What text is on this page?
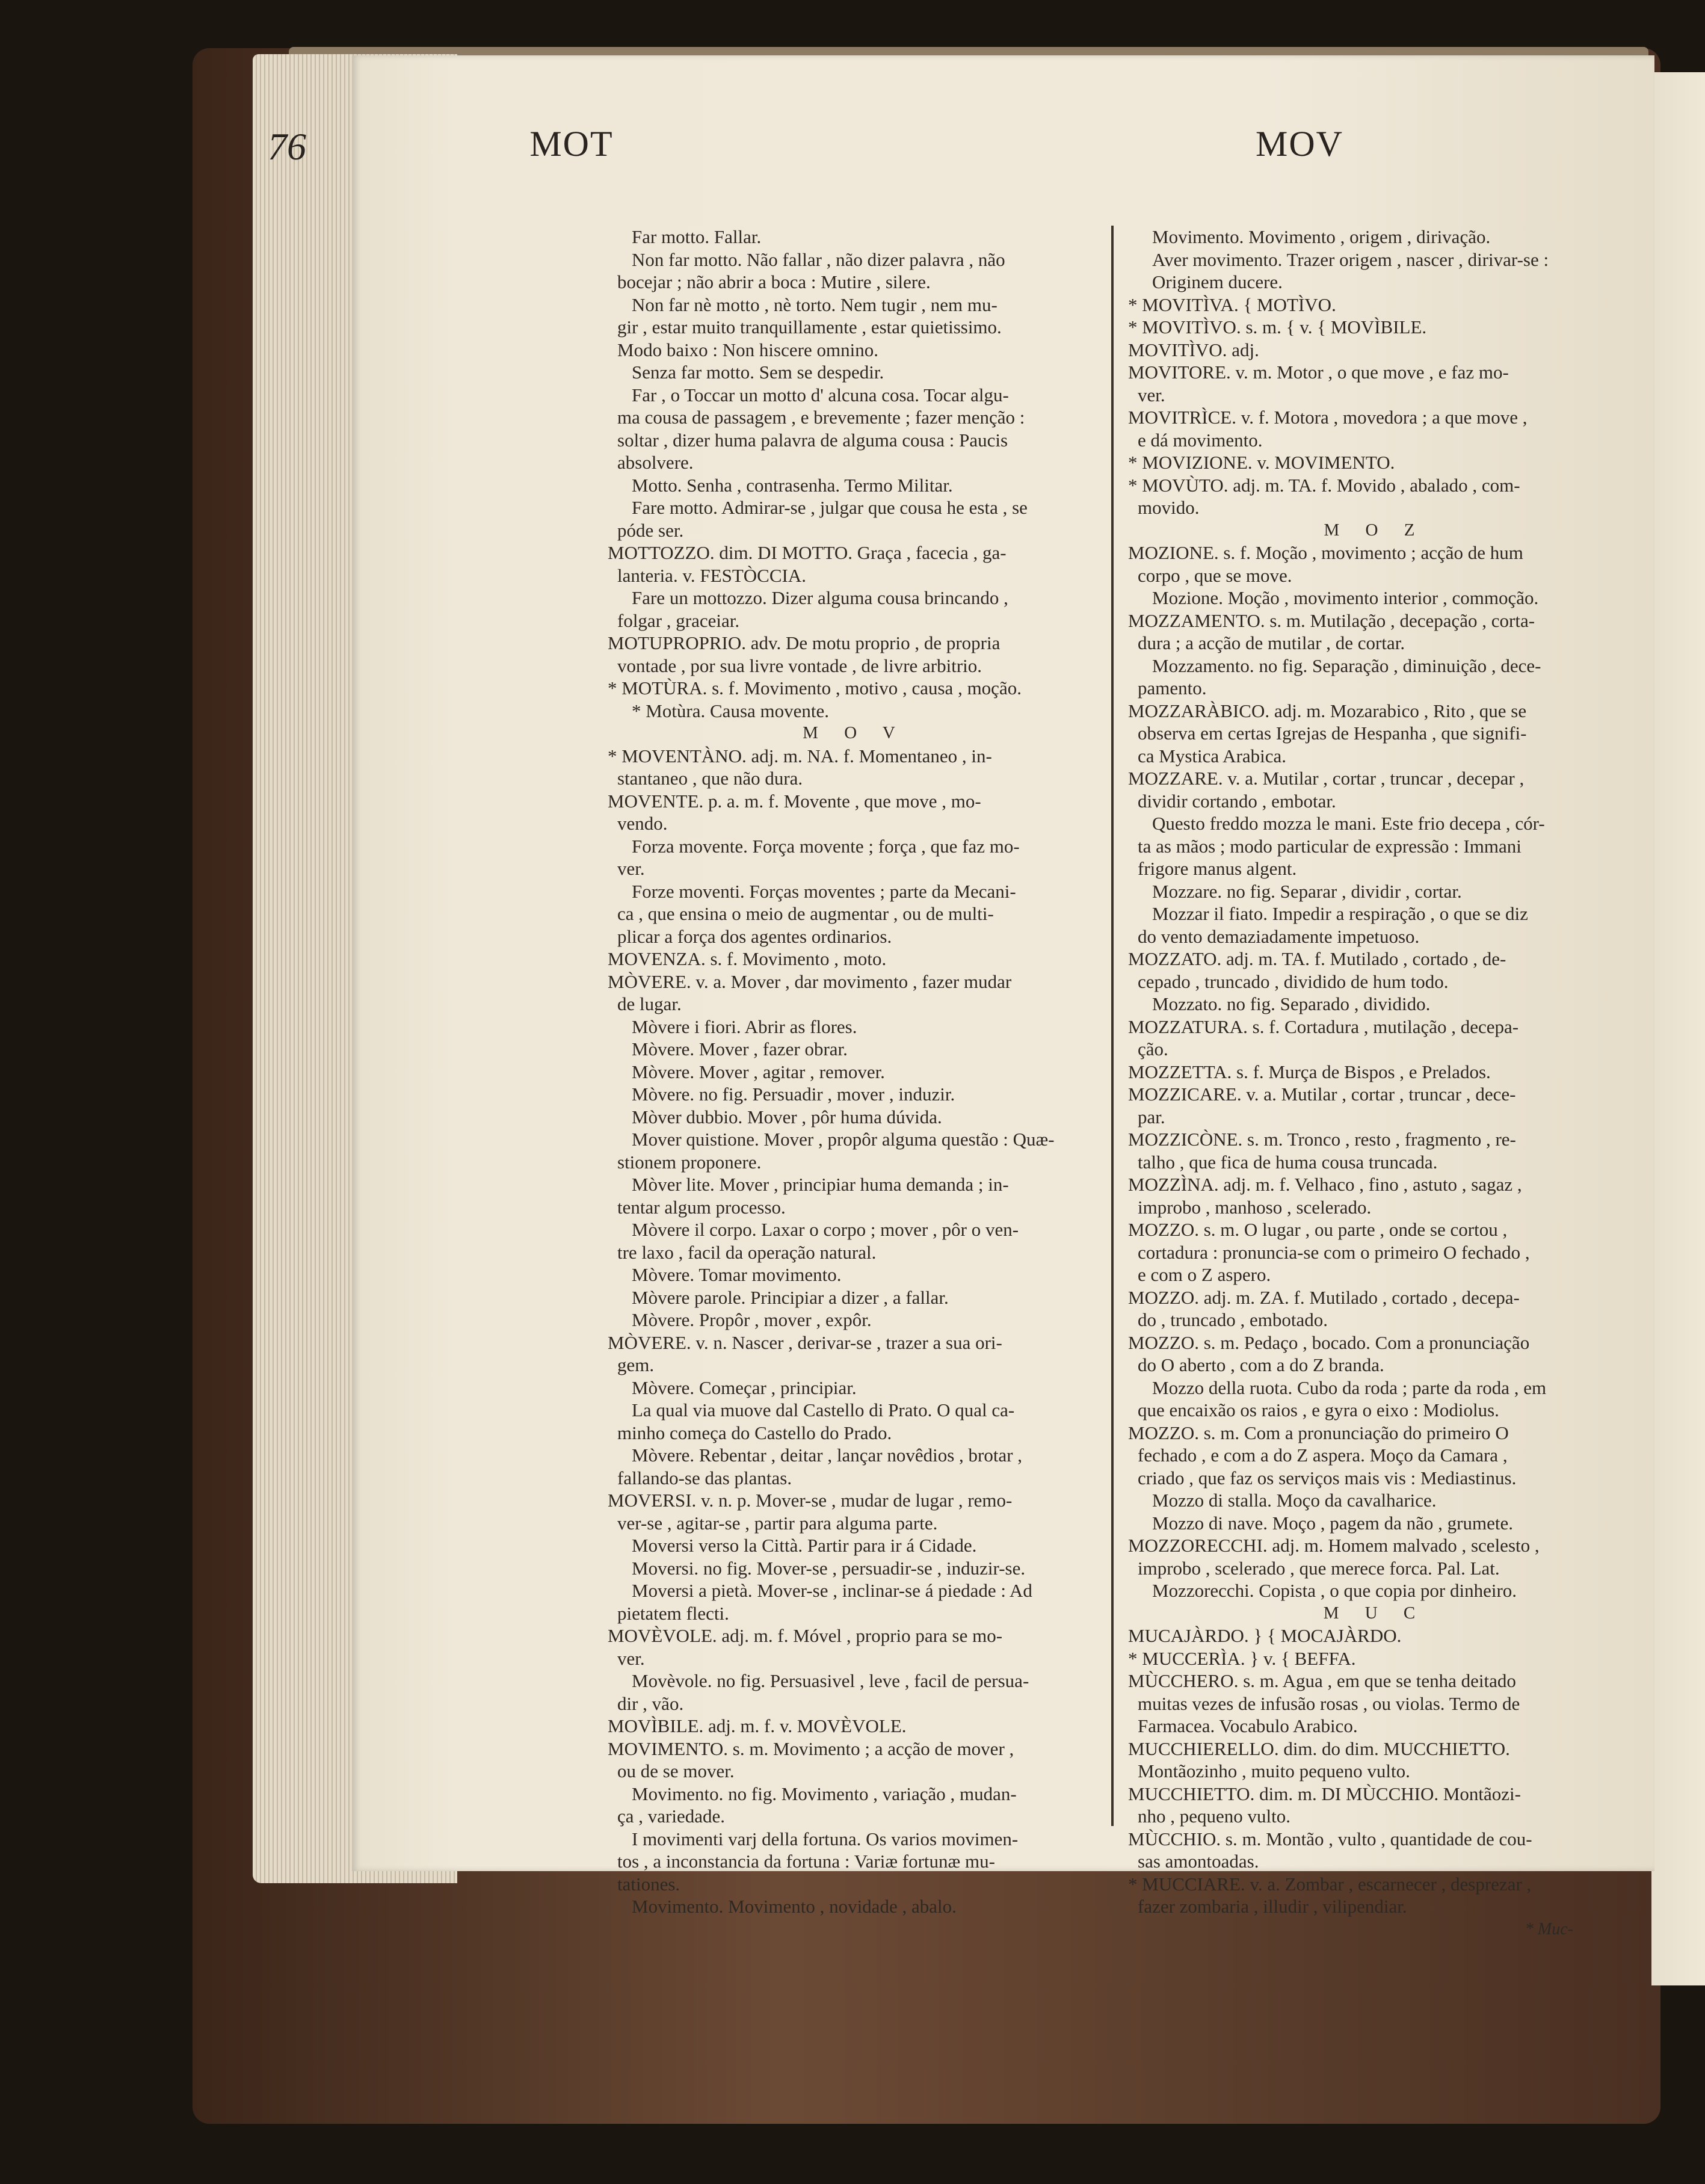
76	MOT	MOV
Far motto. Fallar.
Non far motto. Não fallar , não dizer palavra , não
bocejar ; não abrir a boca : Mutire , silere.
Non far nè motto , nè torto. Nem tugir , nem mu-
gir , estar muito tranquillamente , estar quietissimo.
Modo baixo : Non hiscere omnino.
Senza far motto. Sem se despedir.
Far , o Toccar un motto d' alcuna cosa. Tocar algu-
ma cousa de passagem , e brevemente ; fazer menção :
soltar , dizer huma palavra de alguma cousa : Paucis
absolvere.
Motto. Senha , contrasenha. Termo Militar.
Fare motto. Admirar-se , julgar que cousa he esta , se
póde ser.
MOTTOZZO. dim. DI MOTTO. Graça , facecia , ga-
lanteria. v. FESTÒCCIA.
Fare un mottozzo. Dizer alguma cousa brincando ,
folgar , graceiar.
MOTUPROPRIO. adv. De motu proprio , de propria
vontade , por sua livre vontade , de livre arbitrio.
* MOTÙRA. s. f. Movimento , motivo , causa , moção.
* Motùra. Causa movente.
M O V
* MOVENTÀNO. adj. m. NA. f. Momentaneo , in-
stantaneo , que não dura.
MOVENTE. p. a. m. f. Movente , que move , mo-
vendo.
Forza movente. Força movente ; força , que faz mo-
ver.
Forze moventi. Forças moventes ; parte da Mecani-
ca , que ensina o meio de augmentar , ou de multi-
plicar a força dos agentes ordinarios.
MOVENZA. s. f. Movimento , moto.
MÒVERE. v. a. Mover , dar movimento , fazer mudar
de lugar.
Mòvere i fiori. Abrir as flores.
Mòvere. Mover , fazer obrar.
Mòvere. Mover , agitar , remover.
Mòvere. no fig. Persuadir , mover , induzir.
Mòver dubbio. Mover , pôr huma dúvida.
Mover quistione. Mover , propôr alguma questão : Quæ-
stionem proponere.
Mòver lite. Mover , principiar huma demanda ; in-
tentar algum processo.
Mòvere il corpo. Laxar o corpo ; mover , pôr o ven-
tre laxo , facil da operação natural.
Mòvere. Tomar movimento.
Mòvere parole. Principiar a dizer , a fallar.
Mòvere. Propôr , mover , expôr.
MÒVERE. v. n. Nascer , derivar-se , trazer a sua ori-
gem.
Mòvere. Começar , principiar.
La qual via muove dal Castello di Prato. O qual ca-
minho começa do Castello do Prado.
Mòvere. Rebentar , deitar , lançar novêdios , brotar ,
fallando-se das plantas.
MOVERSI. v. n. p. Mover-se , mudar de lugar , remo-
ver-se , agitar-se , partir para alguma parte.
Moversi verso la Città. Partir para ir á Cidade.
Moversi. no fig. Mover-se , persuadir-se , induzir-se.
Moversi a pietà. Mover-se , inclinar-se á piedade : Ad
pietatem flecti.
MOVÈVOLE. adj. m. f. Móvel , proprio para se mo-
ver.
Movèvole. no fig. Persuasivel , leve , facil de persua-
dir , vão.
MOVÌBILE. adj. m. f. v. MOVÈVOLE.
MOVIMENTO. s. m. Movimento ; a acção de mover ,
ou de se mover.
Movimento. no fig. Movimento , variação , mudan-
ça , variedade.
I movimenti varj della fortuna. Os varios movimen-
tos , a inconstancia da fortuna : Variæ fortunæ mu-
tationes.
Movimento. Movimento , novidade , abalo.
Movimento. Movimento , origem , dirivação.
Aver movimento. Trazer origem , nascer , dirivar-se :
Originem ducere.
* MOVITÌVA. { MOTÌVO.
* MOVITÌVO. s. m. { v. { MOVÌBILE.
MOVITÌVO. adj.
MOVITORE. v. m. Motor , o que move , e faz mo-
ver.
MOVITRÌCE. v. f. Motora , movedora ; a que move ,
e dá movimento.
* MOVIZIONE. v. MOVIMENTO.
* MOVÙTO. adj. m. TA. f. Movido , abalado , com-
movido.
M O Z
MOZIONE. s. f. Moção , movimento ; acção de hum
corpo , que se move.
Mozione. Moção , movimento interior , commoção.
MOZZAMENTO. s. m. Mutilação , decepação , corta-
dura ; a acção de mutilar , de cortar.
Mozzamento. no fig. Separação , diminuição , dece-
pamento.
MOZZARÀBICO. adj. m. Mozarabico , Rito , que se
observa em certas Igrejas de Hespanha , que signifi-
ca Mystica Arabica.
MOZZARE. v. a. Mutilar , cortar , truncar , decepar ,
dividir cortando , embotar.
Questo freddo mozza le mani. Este frio decepa , cór-
ta as mãos ; modo particular de expressão : Immani
frigore manus algent.
Mozzare. no fig. Separar , dividir , cortar.
Mozzar il fiato. Impedir a respiração , o que se diz
do vento demaziadamente impetuoso.
MOZZATO. adj. m. TA. f. Mutilado , cortado , de-
cepado , truncado , dividido de hum todo.
Mozzato. no fig. Separado , dividido.
MOZZATURA. s. f. Cortadura , mutilação , decepa-
ção.
MOZZETTA. s. f. Murça de Bispos , e Prelados.
MOZZICARE. v. a. Mutilar , cortar , truncar , dece-
par.
MOZZICÒNE. s. m. Tronco , resto , fragmento , re-
talho , que fica de huma cousa truncada.
MOZZÌNA. adj. m. f. Velhaco , fino , astuto , sagaz ,
improbo , manhoso , scelerado.
MOZZO. s. m. O lugar , ou parte , onde se cortou ,
cortadura : pronuncia-se com o primeiro O fechado ,
e com o Z aspero.
MOZZO. adj. m. ZA. f. Mutilado , cortado , decepa-
do , truncado , embotado.
MOZZO. s. m. Pedaço , bocado. Com a pronunciação
do O aberto , com a do Z branda.
Mozzo della ruota. Cubo da roda ; parte da roda , em
que encaixão os raios , e gyra o eixo : Modiolus.
MOZZO. s. m. Com a pronunciação do primeiro O
fechado , e com a do Z aspera. Moço da Camara ,
criado , que faz os serviços mais vis : Mediastinus.
Mozzo di stalla. Moço da cavalharice.
Mozzo di nave. Moço , pagem da não , grumete.
MOZZORECCHI. adj. m. Homem malvado , scelesto ,
improbo , scelerado , que merece forca. Pal. Lat.
Mozzorecchi. Copista , o que copia por dinheiro.
M U C
MUCAJÀRDO. } { MOCAJÀRDO.
* MUCCERÌA. } v. { BEFFA.
MÙCCHERO. s. m. Agua , em que se tenha deitado
muitas vezes de infusão rosas , ou violas. Termo de
Farmacea. Vocabulo Arabico.
MUCCHIERELLO. dim. do dim. MUCCHIETTO.
Montãozinho , muito pequeno vulto.
MUCCHIETTO. dim. m. DI MÙCCHIO. Montãozi-
nho , pequeno vulto.
MÙCCHIO. s. m. Montão , vulto , quantidade de cou-
sas amontoadas.
* MUCCIARE. v. a. Zombar , escarnecer , desprezar ,
fazer zombaria , illudir , vilipendiar.
* Muc-
